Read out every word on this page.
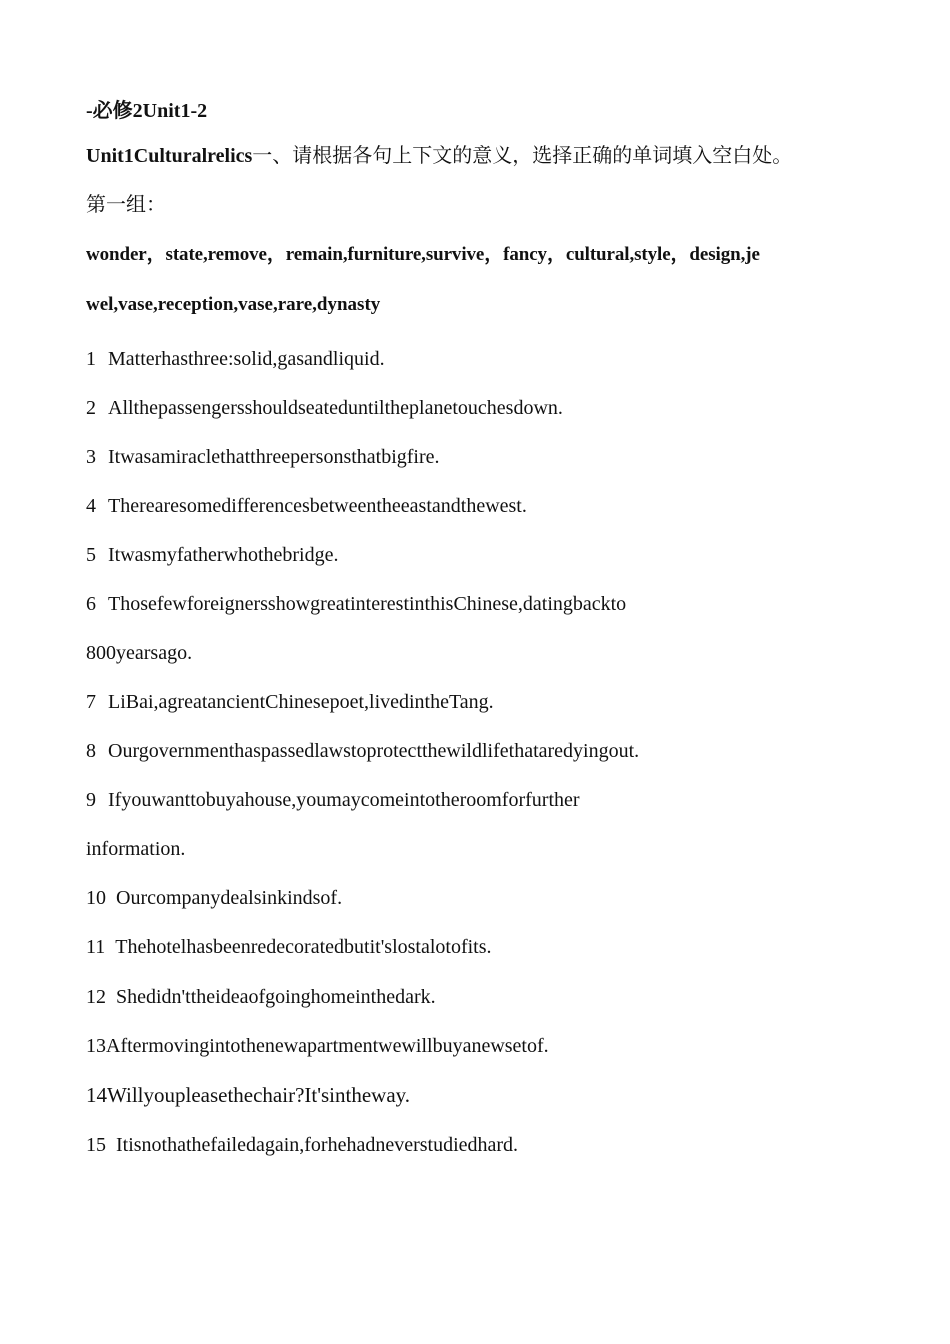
-必修2Unit1-2
Unit1Culturalrelics一、请根据各句上下文的意义，选择正确的单词填入空白处。
第一组：
wonder，state,remove，remain,furniture,survive，fancy，cultural,style，design,je
wel,vase,reception,vase,rare,dynasty
1 Matterhasthree:solid,gasandliquid.
2 Allthepassengersshouldseateduntiltheplanetouchesdown.
3 Itwasamiraclethatthreepersonsthatbigfire.
4 Therearesomedifferencesbetweentheeastandthewest.
5 Itwasmyfatherwhothebridge.
6 ThosefewforeignersshowgreatinterestinthisChinese,datingbackto
800yearsago.
7 LiBai,agreatancientChinesepoet,livedintheTang.
8 Ourgovernmenthaspassedlawstoprotectthewildlifethataredyingout.
9 Ifyouwanttobuyahouse,youmaycomeintotheroomforfurther
information.
10 Ourcompanydealsinkindsof.
11 Thehotelhasbeenredecoratedbutit'slostalotofits.
12 Shedidn'ttheideaofgoinghomeinthedark.
13Aftermovingintothenewapartmentwewillbuyanewsetof.
14Willyoupleasethechair?It'sintheway.
15 Itisnothathefailedagain,forhehadneverstudiedhard.
